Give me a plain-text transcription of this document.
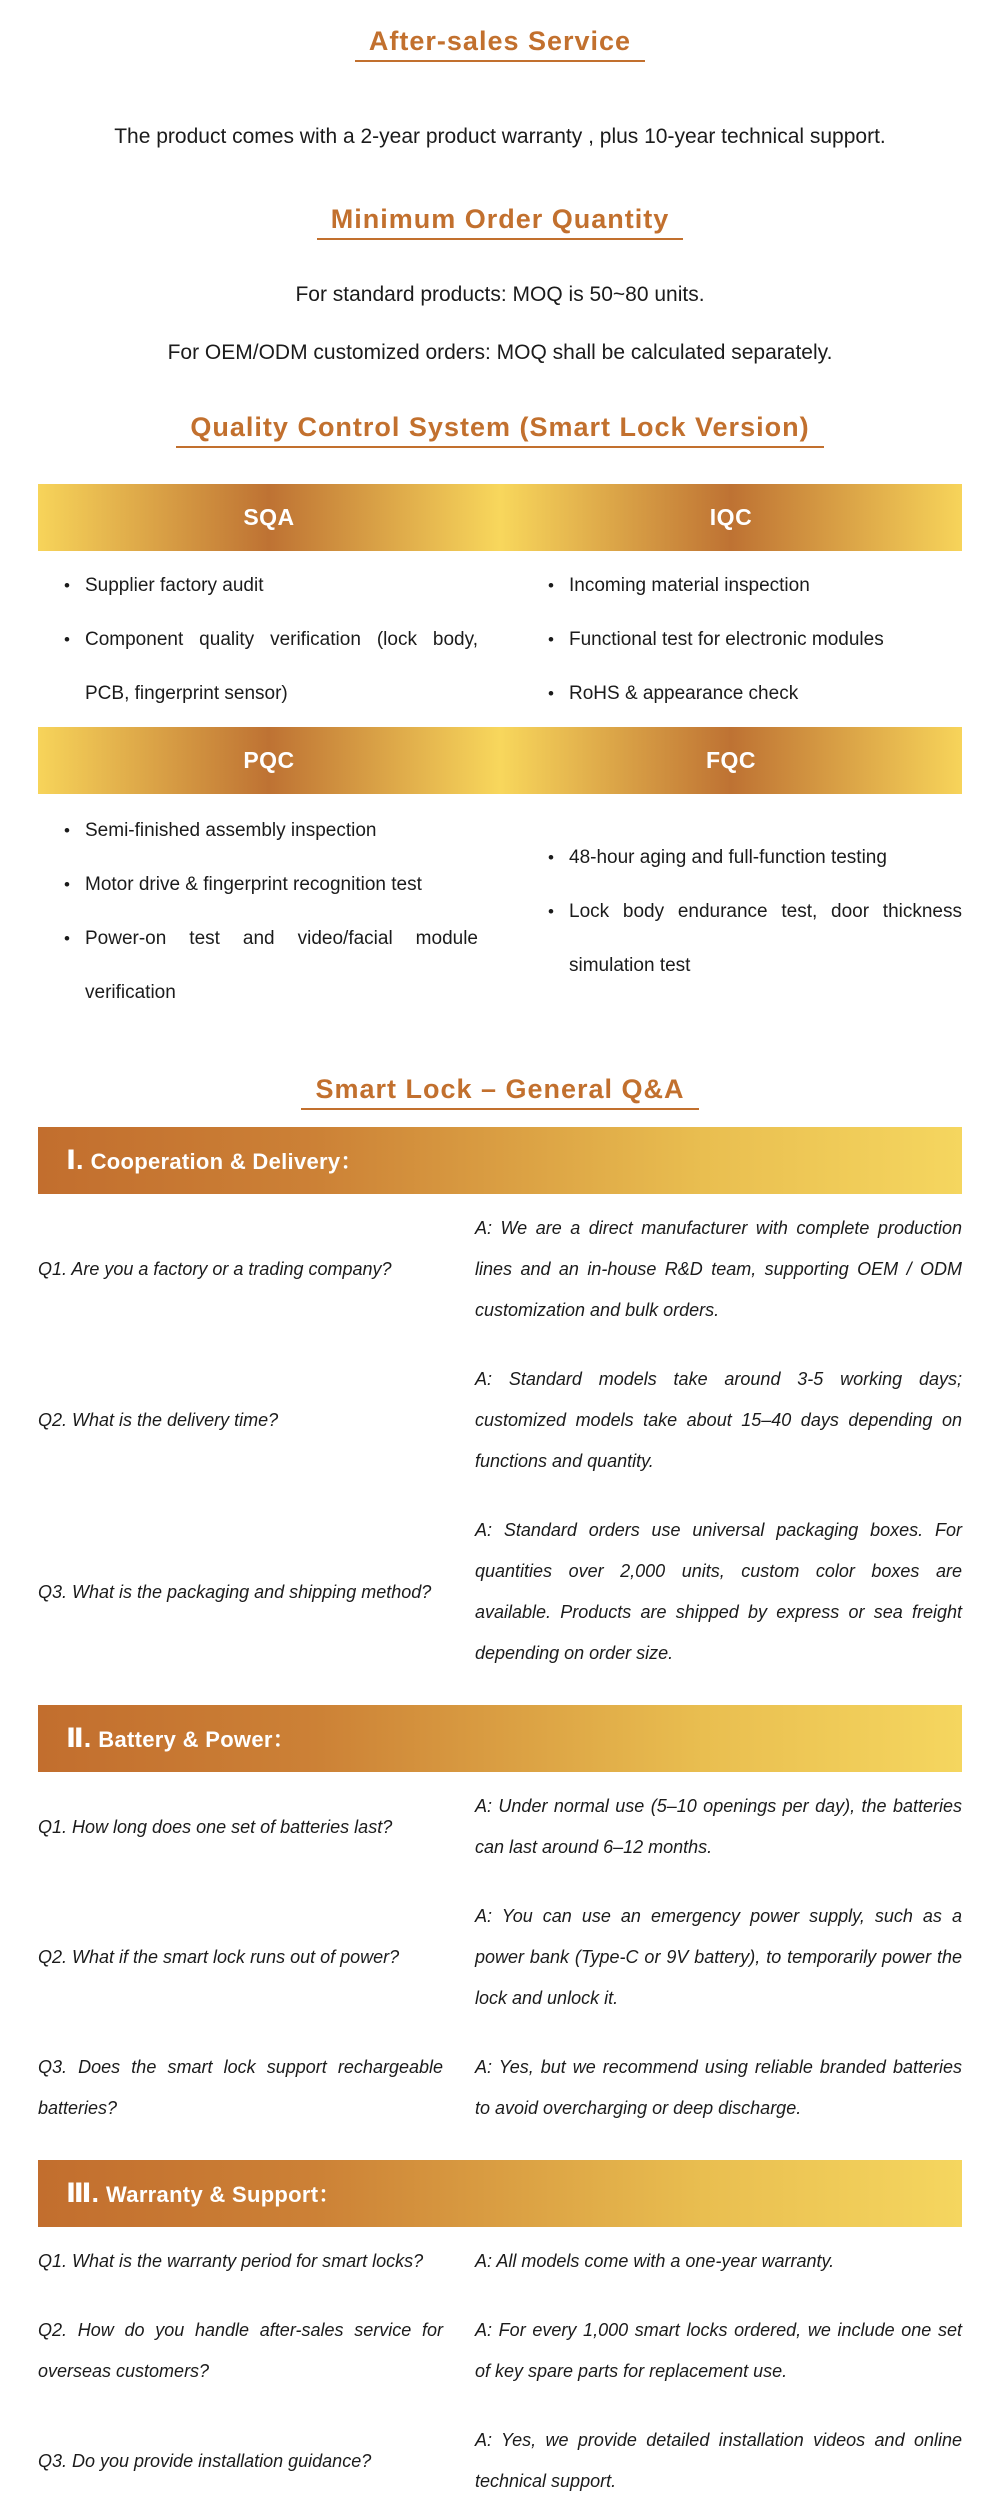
After-sales Service

The product comes with a 2-year product warranty , plus 10-year technical support.

Minimum Order Quantity

For standard products: MOQ is 50~80 units.

For OEM/ODM customized orders: MOQ shall be calculated separately.

Quality Control System (Smart Lock Version)
SQA	IQC
• Supplier factory audit
• Component quality verification (lock body, PCB, fingerprint sensor)
• Incoming material inspection
• Functional test for electronic modules
• RoHS & appearance check
PQC	FQC
• Semi-finished assembly inspection
• Motor drive & fingerprint recognition test
• Power-on test and video/facial module verification
• 48-hour aging and full-function testing
• Lock body endurance test, door thickness simulation test
Smart Lock – General Q&A
Ⅰ. Cooperation & Delivery：

Q1. Are you a factory or a trading company?

A: We are a direct manufacturer with complete production lines and an in-house R&D team, supporting OEM / ODM customization and bulk orders.

Q2. What is the delivery time?

A: Standard models take around 3-5 working days; customized models take about 15–40 days depending on functions and quantity.

Q3. What is the packaging and shipping method?

A: Standard orders use universal packaging boxes. For quantities over 2,000 units, custom color boxes are available. Products are shipped by express or sea freight depending on order size.

Ⅱ. Battery & Power：

Q1. How long does one set of batteries last?

A: Under normal use (5–10 openings per day), the batteries can last around 6–12 months.

Q2. What if the smart lock runs out of power?

A: You can use an emergency power supply, such as a power bank (Type-C or 9V battery), to temporarily power the lock and unlock it.

Q3. Does the smart lock support rechargeable batteries?

A: Yes, but we recommend using reliable branded batteries to avoid overcharging or deep discharge.

Ⅲ. Warranty & Support：

Q1. What is the warranty period for smart locks?	A: All models come with a one-year warranty.

Q2. How do you handle after-sales service for overseas customers?

A: For every 1,000 smart locks ordered, we include one set of key spare parts for replacement use.

Q3. Do you provide installation guidance?

A: Yes, we provide detailed installation videos and online technical support.
